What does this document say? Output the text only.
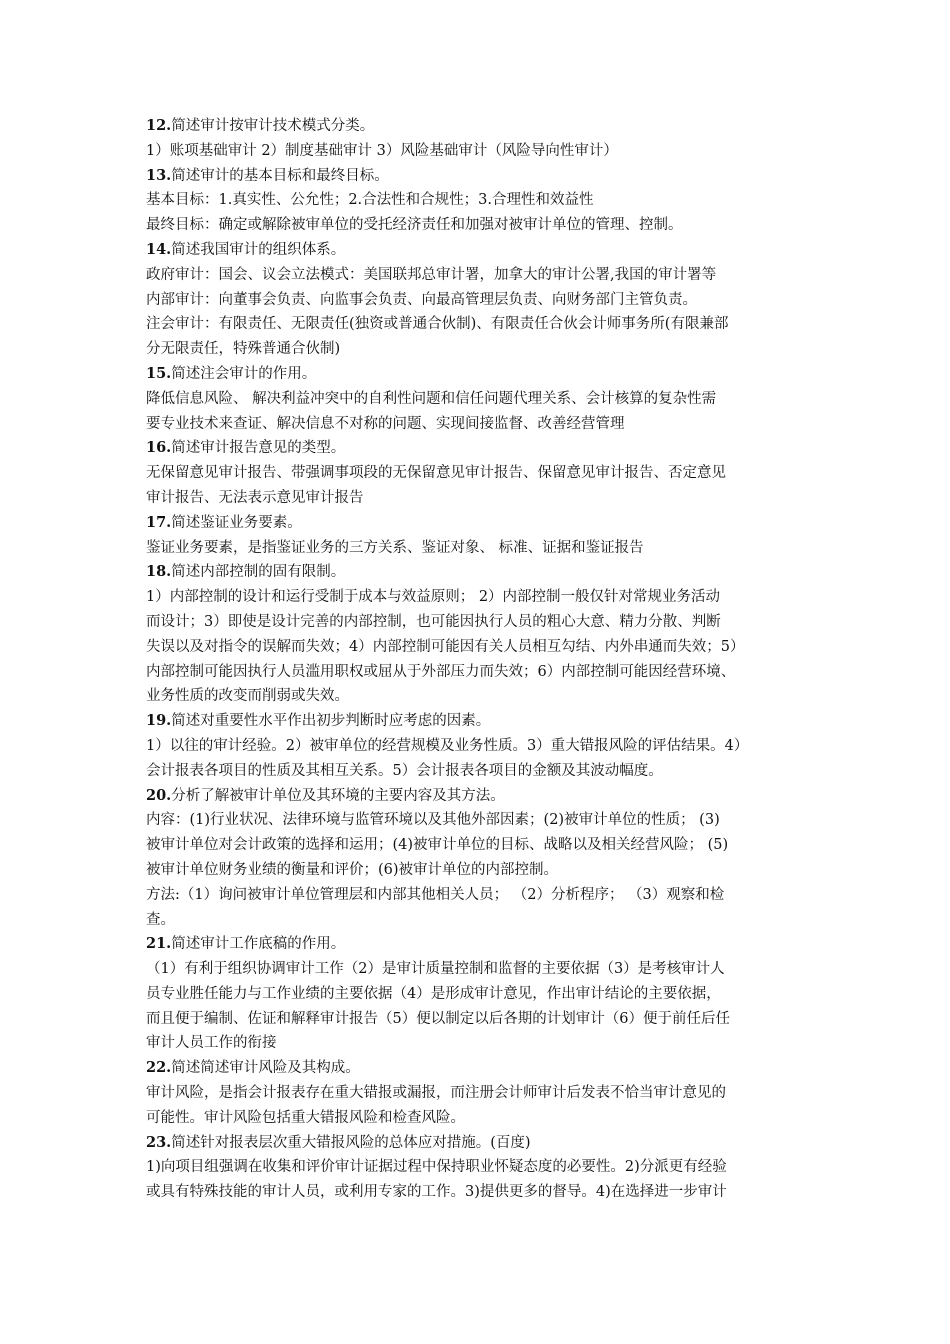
12.简述审计按审计技术模式分类。
1）账项基础审计 2）制度基础审计 3）风险基础审计（风险导向性审计）
13.简述审计的基本目标和最终目标。
基本目标：1.真实性、公允性；2.合法性和合规性；3.合理性和效益性
最终目标：确定或解除被审单位的受托经济责任和加强对被审计单位的管理、控制。
14.简述我国审计的组织体系。
政府审计：国会、议会立法模式：美国联邦总审计署，加拿大的审计公署,我国的审计署等
内部审计：向董事会负责、向监事会负责、向最高管理层负责、向财务部门主管负责。
注会审计：有限责任、无限责任(独资或普通合伙制)、有限责任合伙会计师事务所(有限兼部
分无限责任，特殊普通合伙制)
15.简述注会审计的作用。
降低信息风险、 解决利益冲突中的自利性问题和信任问题代理关系、会计核算的复杂性需
要专业技术来查证、解决信息不对称的问题、实现间接监督、改善经营管理
16.简述审计报告意见的类型。
无保留意见审计报告、带强调事项段的无保留意见审计报告、保留意见审计报告、否定意见
审计报告、无法表示意见审计报告
17.简述鉴证业务要素。
鉴证业务要素，是指鉴证业务的三方关系、鉴证对象、 标准、证据和鉴证报告
18.简述内部控制的固有限制。
1）内部控制的设计和运行受制于成本与效益原则； 2）内部控制一般仅针对常规业务活动
而设计；3）即使是设计完善的内部控制，也可能因执行人员的粗心大意、精力分散、判断
失误以及对指令的误解而失效；4）内部控制可能因有关人员相互勾结、内外串通而失效；5）
内部控制可能因执行人员滥用职权或屈从于外部压力而失效；6）内部控制可能因经营环境、
业务性质的改变而削弱或失效。
19.简述对重要性水平作出初步判断时应考虑的因素。
1）以往的审计经验。2）被审单位的经营规模及业务性质。3）重大错报风险的评估结果。4）
会计报表各项目的性质及其相互关系。5）会计报表各项目的金额及其波动幅度。
20.分析了解被审计单位及其环境的主要内容及其方法。
内容：(1)行业状况、法律环境与监管环境以及其他外部因素；(2)被审计单位的性质； (3)
被审计单位对会计政策的选择和运用；(4)被审计单位的目标、战略以及相关经营风险； (5)
被审计单位财务业绩的衡量和评价；(6)被审计单位的内部控制。
方法:（1）询问被审计单位管理层和内部其他相关人员； （2）分析程序； （3）观察和检
查。
21.简述审计工作底稿的作用。
（1）有利于组织协调审计工作（2）是审计质量控制和监督的主要依据（3）是考核审计人
员专业胜任能力与工作业绩的主要依据（4）是形成审计意见，作出审计结论的主要依据，
而且便于编制、佐证和解释审计报告（5）便以制定以后各期的计划审计（6）便于前任后任
审计人员工作的衔接
22.简述简述审计风险及其构成。
审计风险，是指会计报表存在重大错报或漏报，而注册会计师审计后发表不恰当审计意见的
可能性。审计风险包括重大错报风险和检查风险。
23.简述针对报表层次重大错报风险的总体应对措施。(百度)
1)向项目组强调在收集和评价审计证据过程中保持职业怀疑态度的必要性。2)分派更有经验
或具有特殊技能的审计人员，或利用专家的工作。3)提供更多的督导。4)在选择进一步审计
